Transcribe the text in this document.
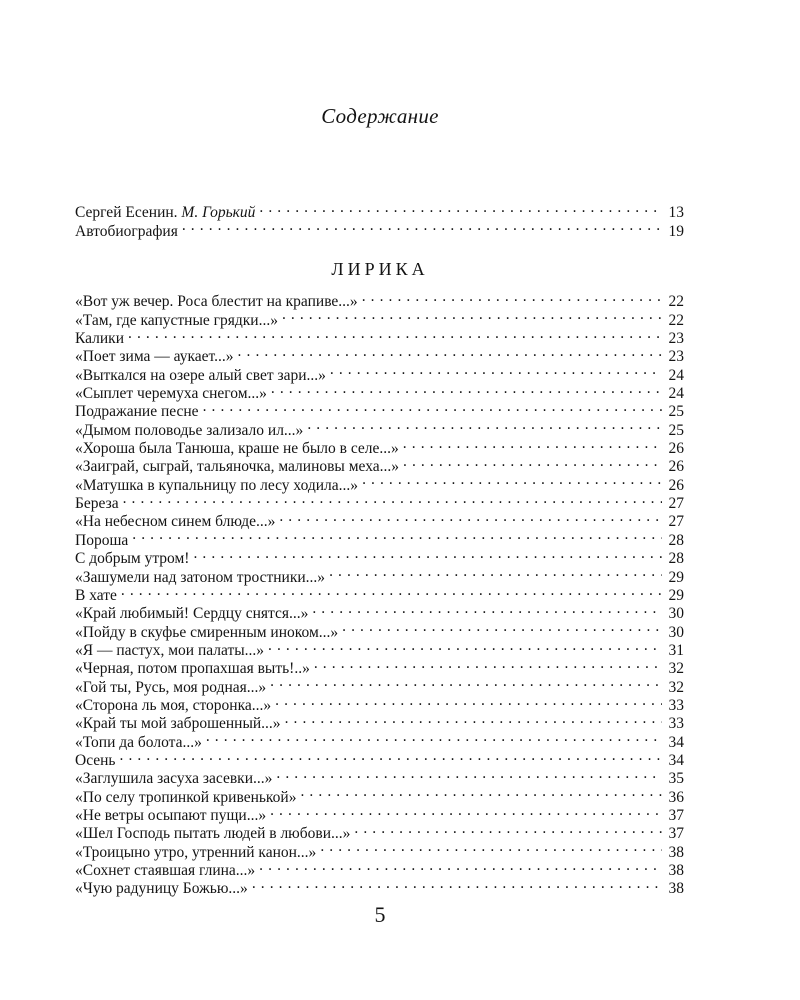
Содержание
Сергей Есенин. М. Горький . . .	13
Автобиография . . .	19
ЛИРИКА
«Вот уж вечер. Роса блестит на крапиве...» . . .	22
«Там, где капустные грядки...» . . .	22
Калики . . .	23
«Поет зима — аукает...» . . .	23
«Выткался на озере алый свет зари...» . . .	24
«Сыплет черемуха снегом...» . . .	24
Подражание песне . . .	25
«Дымом половодье зализало ил...» . . .	25
«Хороша была Танюша, краше не было в селе...» . . .	26
«Заиграй, сыграй, тальяночка, малиновы меха...» . . .	26
«Матушка в купальницу по лесу ходила...» . . .	26
Береза . . .	27
«На небесном синем блюде...» . . .	27
Пороша . . .	28
С добрым утром! . . .	28
«Зашумели над затоном тростники...» . . .	29
В хате . . .	29
«Край любимый! Сердцу снятся...» . . .	30
«Пойду в скуфье смиренным иноком...» . . .	30
«Я — пастух, мои палаты...» . . .	31
«Черная, потом пропахшая выть!..» . . .	32
«Гой ты, Русь, моя родная...» . . .	32
«Сторона ль моя, сторонка...» . . .	33
«Край ты мой заброшенный...» . . .	33
«Топи да болота...» . . .	34
Осень . . .	34
«Заглушила засуха засевки...» . . .	35
«По селу тропинкой кривенькой» . . .	36
«Не ветры осыпают пущи...» . . .	37
«Шел Господь пытать людей в любови...» . . .	37
«Троицыно утро, утренний канон...» . . .	38
«Сохнет стаявшая глина...» . . .	38
«Чую радуницу Божью...» . . .	38
5
